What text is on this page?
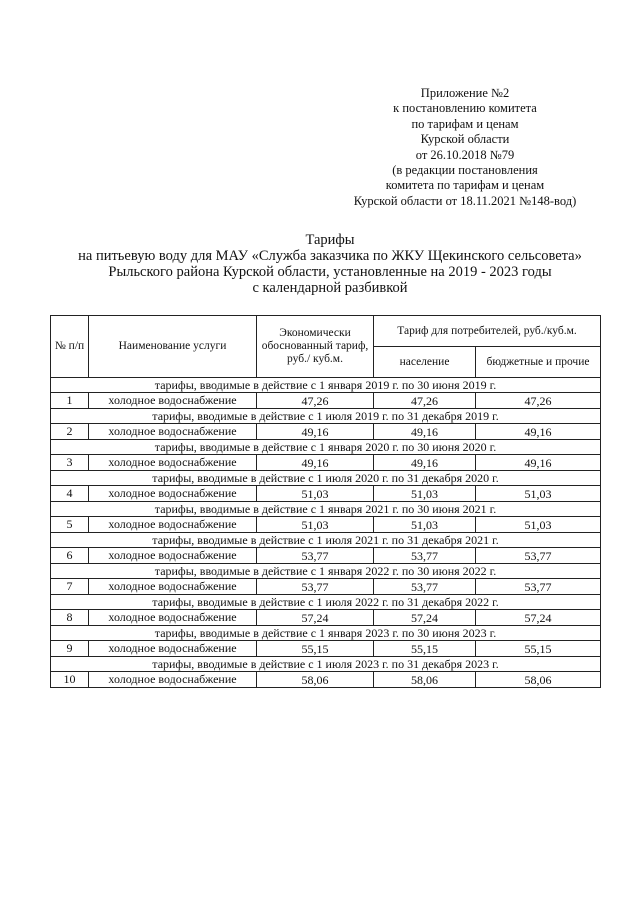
Приложение №2
к постановлению комитета
по тарифам и ценам
Курской области
от 26.10.2018 №79
(в редакции постановления
комитета по тарифам и ценам
Курской области от 18.11.2021 №148-вод)
Тарифы
на питьевую воду для МАУ «Служба заказчика по ЖКУ Щекинского сельсовета»
Рыльского района Курской области, установленные на 2019 - 2023 годы
с календарной разбивкой
№ п/п	Наименование услуги	Экономически обоснованный тариф, руб./ куб.м.	Тариф для потребителей, руб./куб.м.	
			население	бюджетные и прочие
тарифы, вводимые в действие с 1 января 2019 г. по 30 июня 2019 г.				
1	холодное водоснабжение	47,26	47,26	47,26
тарифы, вводимые в действие с 1 июля 2019 г. по 31 декабря 2019 г.				
2	холодное водоснабжение	49,16	49,16	49,16
тарифы, вводимые в действие с 1 января 2020 г. по 30 июня 2020 г.				
3	холодное водоснабжение	49,16	49,16	49,16
тарифы, вводимые в действие с 1 июля 2020 г. по 31 декабря 2020 г.				
4	холодное водоснабжение	51,03	51,03	51,03
тарифы, вводимые в действие с 1 января 2021 г. по 30 июня 2021 г.				
5	холодное водоснабжение	51,03	51,03	51,03
тарифы, вводимые в действие с 1 июля 2021 г. по 31 декабря 2021 г.				
6	холодное водоснабжение	53,77	53,77	53,77
тарифы, вводимые в действие с 1 января 2022 г. по 30 июня 2022 г.				
7	холодное водоснабжение	53,77	53,77	53,77
тарифы, вводимые в действие с 1 июля 2022 г. по 31 декабря 2022 г.				
8	холодное водоснабжение	57,24	57,24	57,24
тарифы, вводимые в действие с 1 января 2023 г. по 30 июня 2023 г.				
9	холодное водоснабжение	55,15	55,15	55,15
тарифы, вводимые в действие с 1 июля 2023 г. по 31 декабря 2023 г.				
10	холодное водоснабжение	58,06	58,06	58,06
